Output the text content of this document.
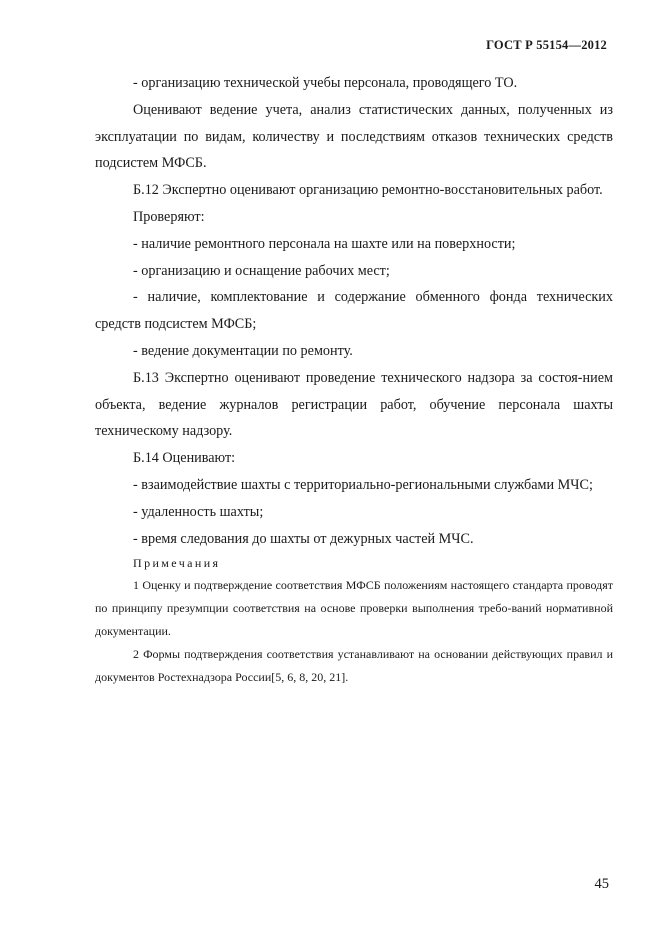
ГОСТ Р 55154—2012

- организацию технической учебы персонала, проводящего ТО.

Оценивают ведение учета, анализ статистических данных, полученных из эксплуатации по видам, количеству и последствиям отказов технических средств подсистем МФСБ.

Б.12 Экспертно оценивают организацию ремонтно-восстановительных работ.

Проверяют:

- наличие ремонтного персонала на шахте или на поверхности;

- организацию и оснащение рабочих мест;

- наличие, комплектование и содержание обменного фонда технических средств подсистем МФСБ;

- ведение документации по ремонту.

Б.13 Экспертно оценивают проведение технического надзора за состоя-нием объекта, ведение журналов регистрации работ, обучение персонала шахты техническому надзору.

Б.14 Оценивают:

- взаимодействие шахты с территориально-региональными службами МЧС;

- удаленность шахты;

- время следования до шахты от дежурных частей МЧС.

Примечания

1 Оценку и подтверждение соответствия МФСБ положениям настоящего стандарта проводят по принципу презумпции соответствия на основе проверки выполнения требо-ваний нормативной документации.

2 Формы подтверждения соответствия устанавливают на основании действующих правил и документов Ростехнадзора России[5, 6, 8, 20, 21].

45
